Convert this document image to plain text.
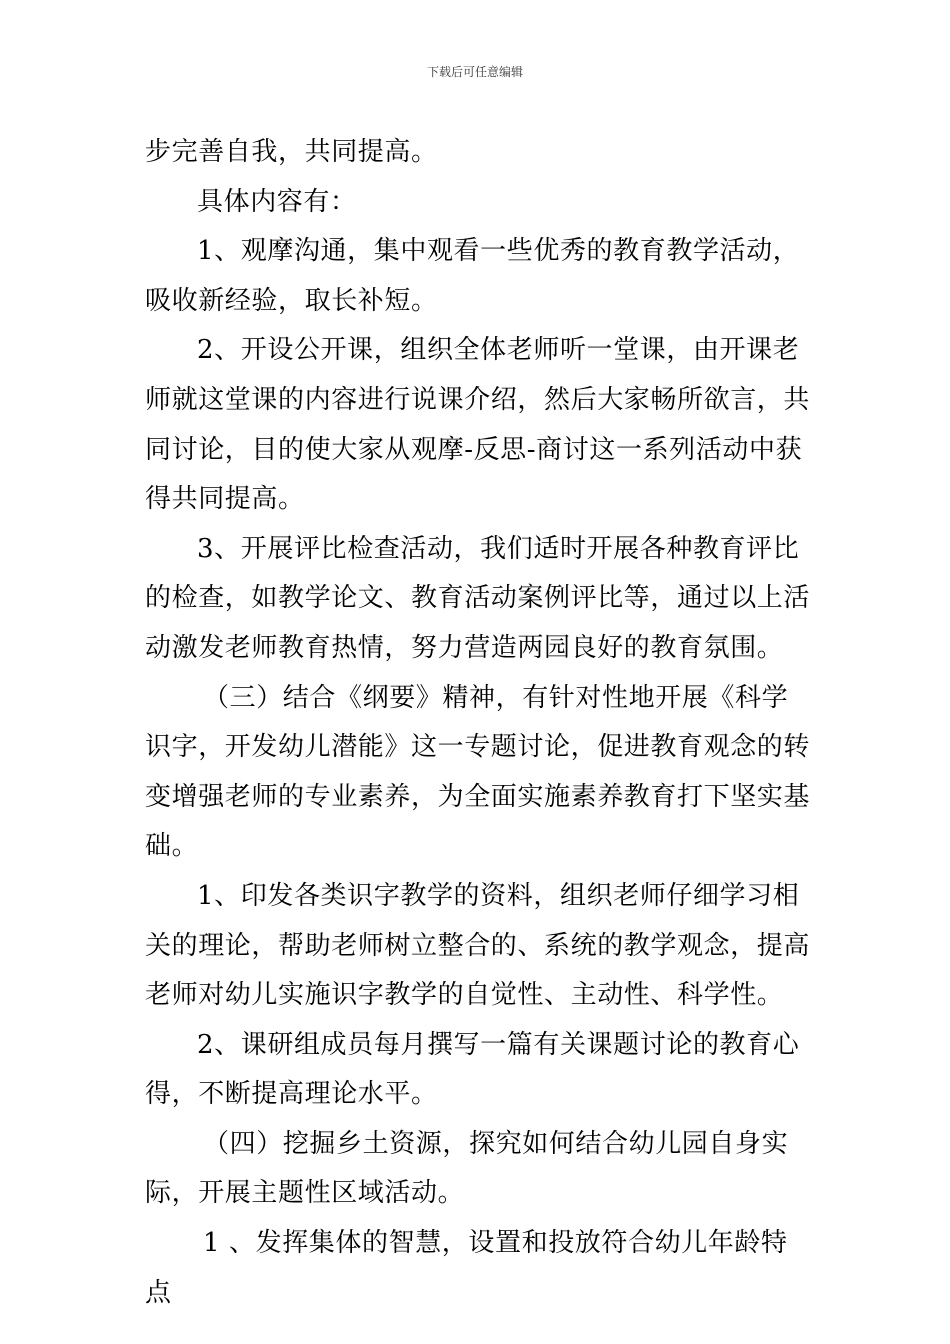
下载后可任意编辑

步完善自我，共同提高。

具体内容有：

1、观摩沟通，集中观看一些优秀的教育教学活动，吸收新经验，取长补短。

2、开设公开课，组织全体老师听一堂课，由开课老师就这堂课的内容进行说课介绍，然后大家畅所欲言，共同讨论，目的使大家从观摩-反思-商讨这一系列活动中获得共同提高。

3、开展评比检查活动，我们适时开展各种教育评比的检查，如教学论文、教育活动案例评比等，通过以上活动激发老师教育热情，努力营造两园良好的教育氛围。

（三）结合《纲要》精神，有针对性地开展《科学识字，开发幼儿潜能》这一专题讨论，促进教育观念的转变增强老师的专业素养，为全面实施素养教育打下坚实基础。

1、印发各类识字教学的资料，组织老师仔细学习相关的理论，帮助老师树立整合的、系统的教学观念，提高老师对幼儿实施识字教学的自觉性、主动性、科学性。

2、课研组成员每月撰写一篇有关课题讨论的教育心得，不断提高理论水平。

（四）挖掘乡土资源，探究如何结合幼儿园自身实际，开展主题性区域活动。

1 、发挥集体的智慧，设置和投放符合幼儿年龄特点
